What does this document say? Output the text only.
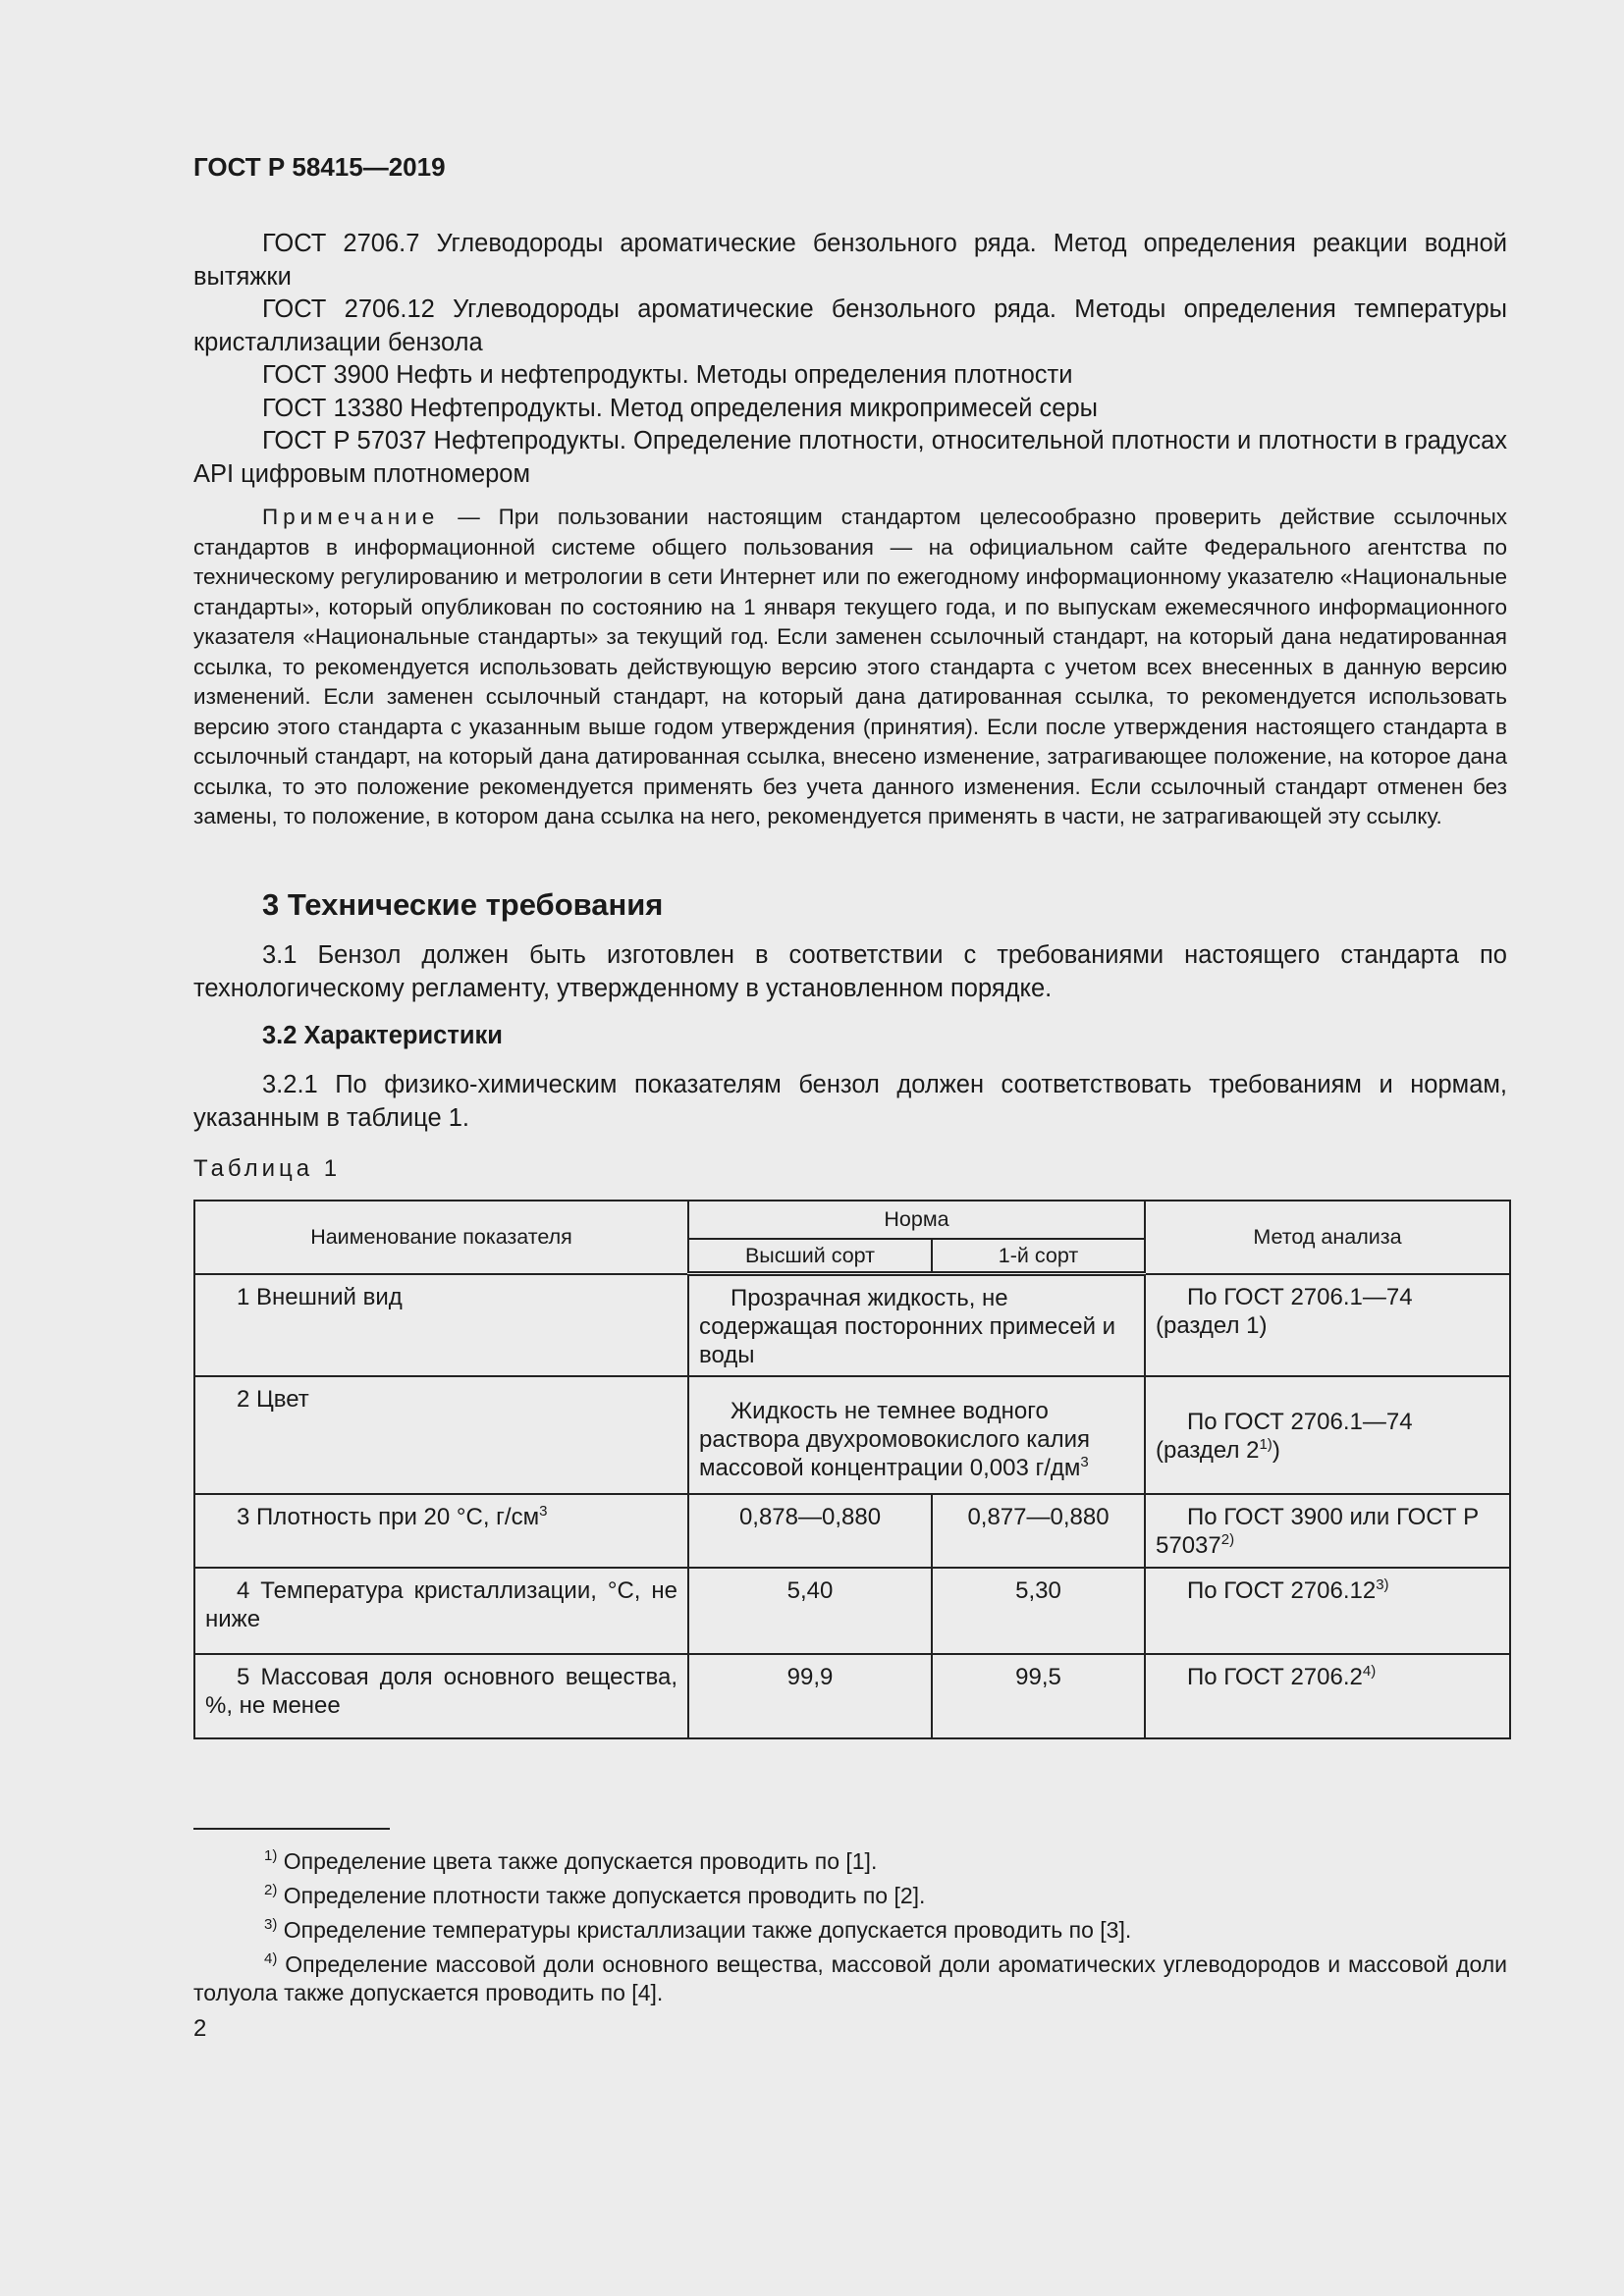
ГОСТ Р 58415—2019
ГОСТ 2706.7 Углеводороды ароматические бензольного ряда. Метод определения реакции водной вытяжки
ГОСТ 2706.12 Углеводороды ароматические бензольного ряда. Методы определения температуры кристаллизации бензола
ГОСТ 3900 Нефть и нефтепродукты. Методы определения плотности
ГОСТ 13380 Нефтепродукты. Метод определения микропримесей серы
ГОСТ Р 57037 Нефтепродукты. Определение плотности, относительной плотности и плотности в градусах API цифровым плотномером
Примечание — При пользовании настоящим стандартом целесообразно проверить действие ссылочных стандартов в информационной системе общего пользования — на официальном сайте Федерального агентства по техническому регулированию и метрологии в сети Интернет или по ежегодному информационному указателю «Национальные стандарты», который опубликован по состоянию на 1 января текущего года, и по выпускам ежемесячного информационного указателя «Национальные стандарты» за текущий год. Если заменен ссылочный стандарт, на который дана недатированная ссылка, то рекомендуется использовать действующую версию этого стандарта с учетом всех внесенных в данную версию изменений. Если заменен ссылочный стандарт, на который дана датированная ссылка, то рекомендуется использовать версию этого стандарта с указанным выше годом утверждения (принятия). Если после утверждения настоящего стандарта в ссылочный стандарт, на который дана датированная ссылка, внесено изменение, затрагивающее положение, на которое дана ссылка, то это положение рекомендуется применять без учета данного изменения. Если ссылочный стандарт отменен без замены, то положение, в котором дана ссылка на него, рекомендуется применять в части, не затрагивающей эту ссылку.
3 Технические требования
3.1 Бензол должен быть изготовлен в соответствии с требованиями настоящего стандарта по технологическому регламенту, утвержденному в установленном порядке.
3.2 Характеристики
3.2.1 По физико-химическим показателям бензол должен соответствовать требованиям и нормам, указанным в таблице 1.
Таблица 1
Наименование показателя	Норма		Метод анализа
	Высший сорт	1-й сорт	
1 Внешний вид	Прозрачная жидкость, не содержащая посторонних примесей и воды		По ГОСТ 2706.1—74 (раздел 1)
2 Цвет	Жидкость не темнее водного раствора двухромовокислого калия массовой концентрации 0,003 $г/дм^3$		По ГОСТ 2706.1—74 (раздел 2$^{1)}$)
3 Плотность при 20 °С, $г/см^3$	0,878—0,880	0,877—0,880	По ГОСТ 3900 или ГОСТ Р 57037$^{2)}$
4 Температура кристаллизации, °С, не ниже	5,40	5,30	По ГОСТ 2706.12$^{3)}$
5 Массовая доля основного вещества, %, не менее	99,9	99,5	По ГОСТ 2706.2$^{4)}$
$^{1)}$ Определение цвета также допускается проводить по [1].
$^{2)}$ Определение плотности также допускается проводить по [2].
$^{3)}$ Определение температуры кристаллизации также допускается проводить по [3].
$^{4)}$ Определение массовой доли основного вещества, массовой доли ароматических углеводородов и массовой доли толуола также допускается проводить по [4].
2
